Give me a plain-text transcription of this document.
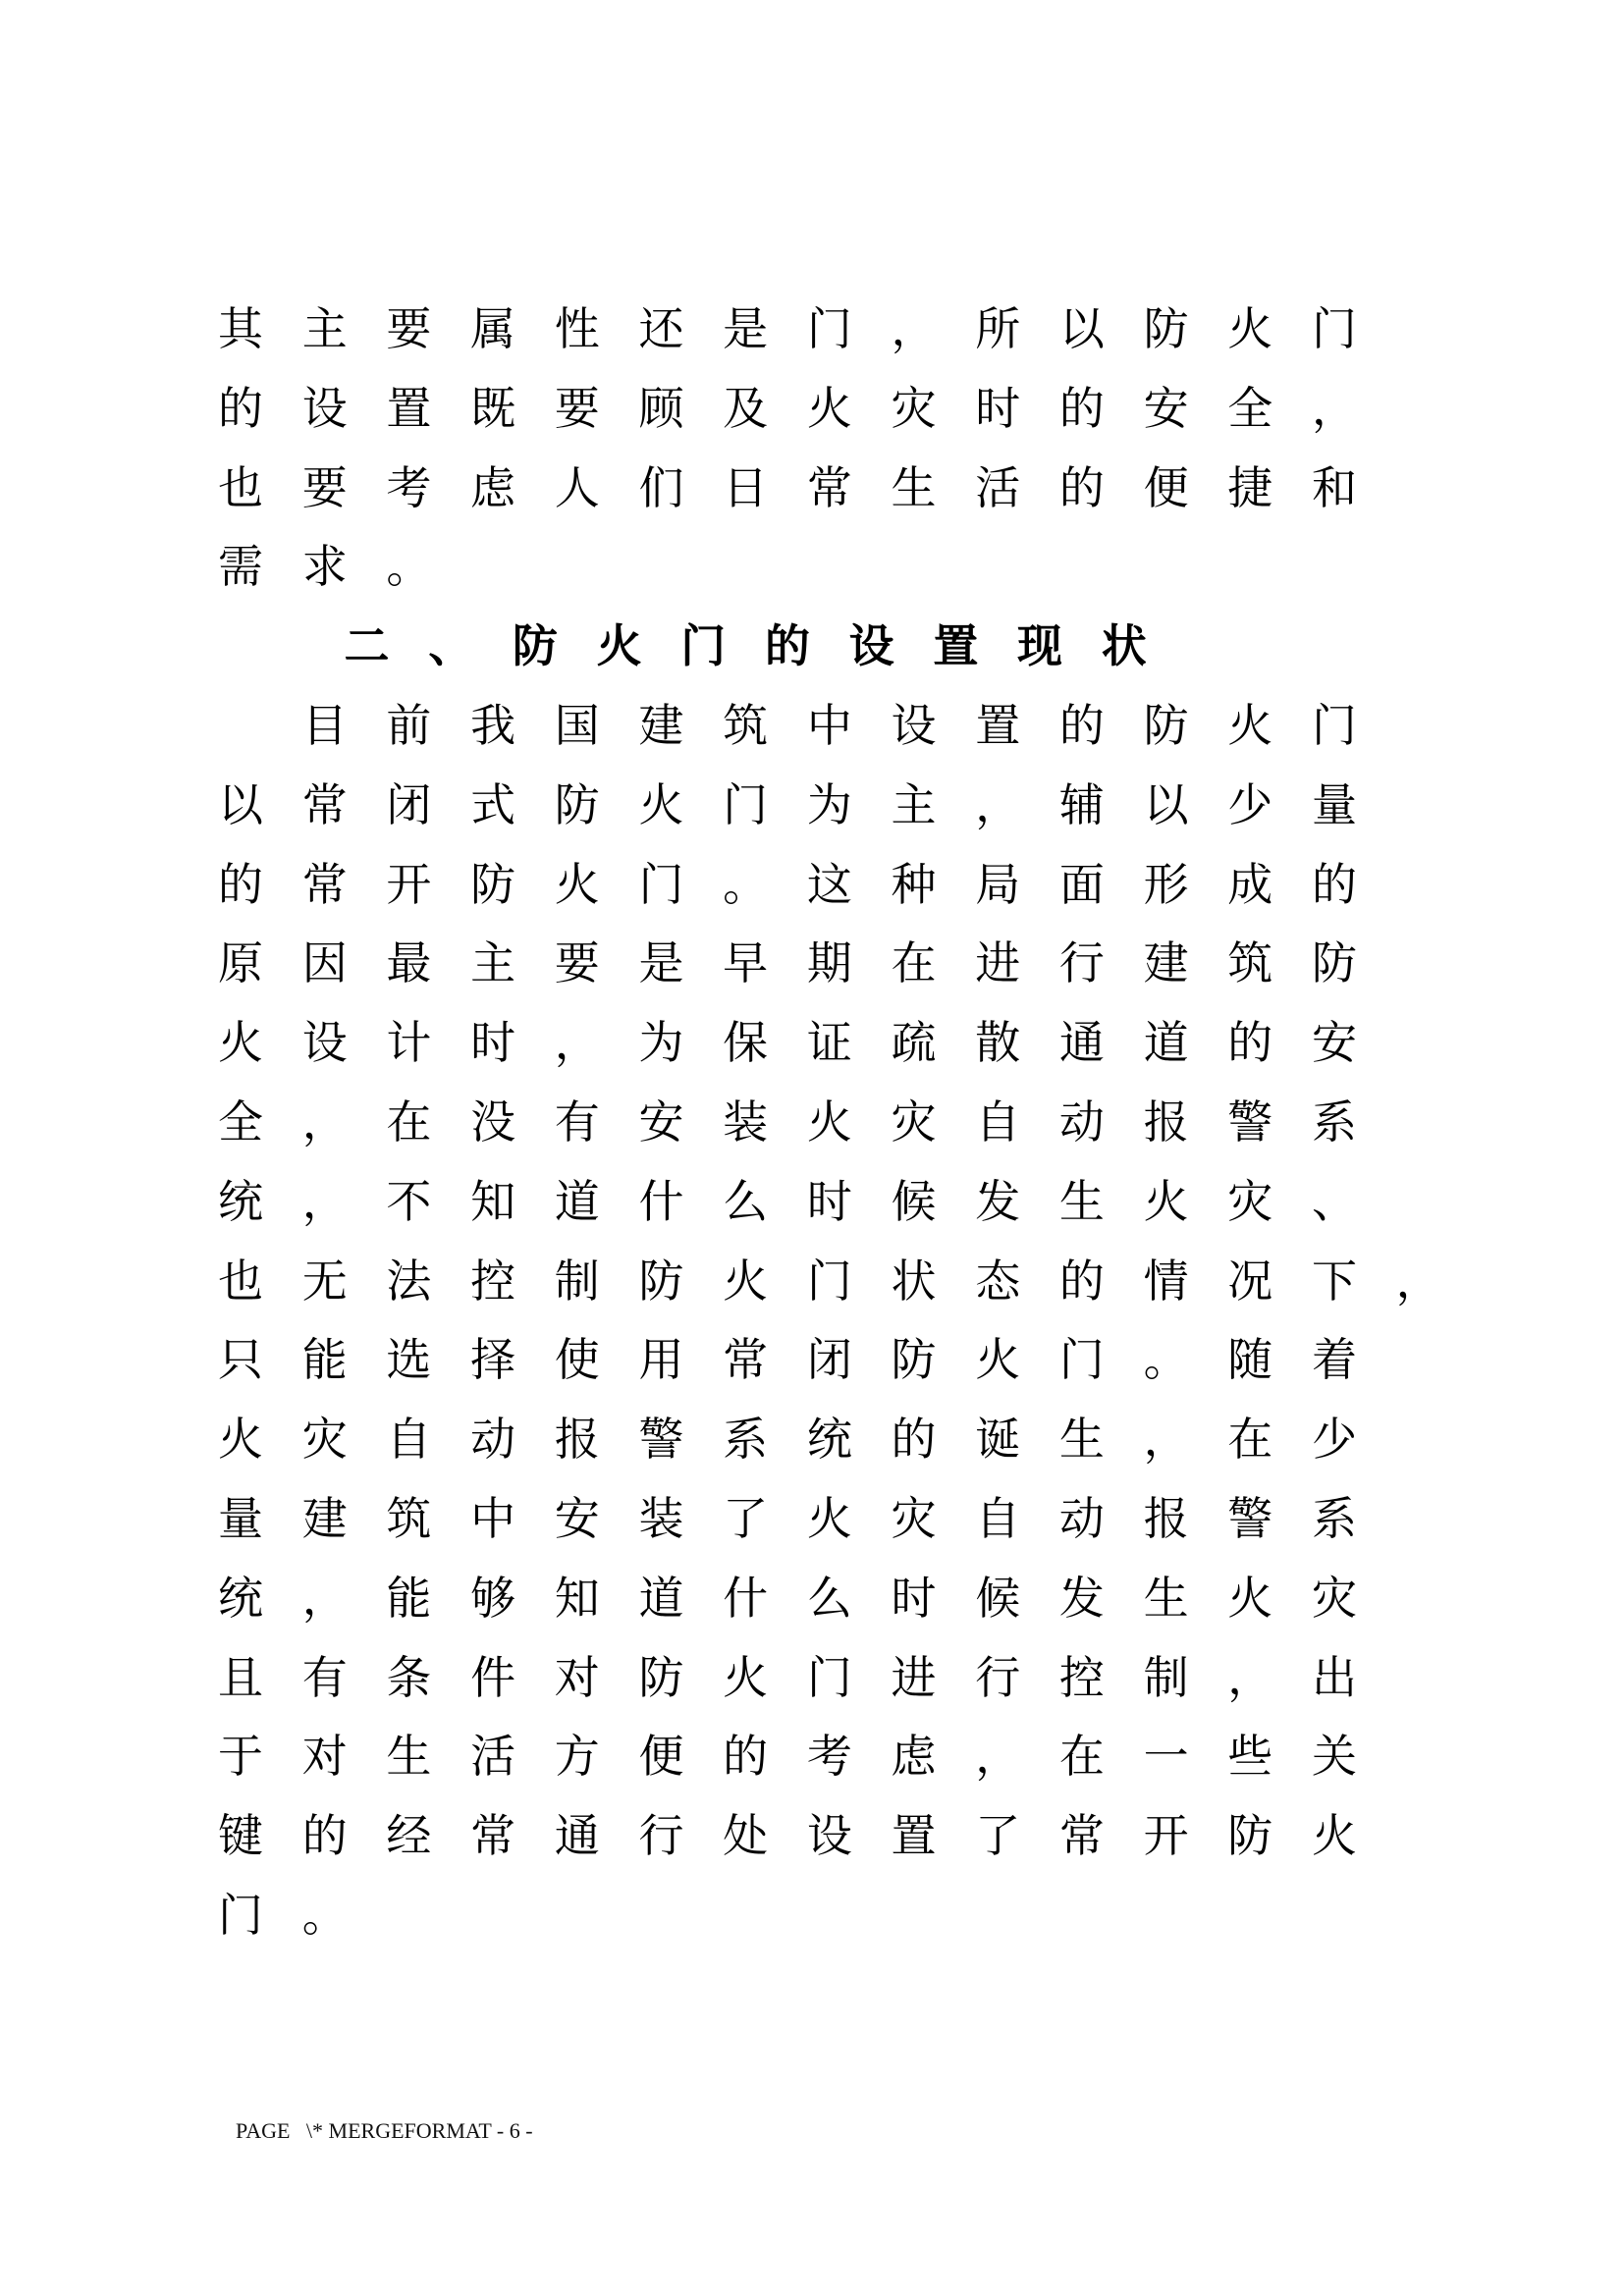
其 主 要 属 性 还 是 门 ， 所 以 防 火 门
的 设 置 既 要 顾 及 火 灾 时 的 安 全 ，
也 要 考 虑 人 们 日 常 生 活 的 便 捷 和
需 求 。
二 、 防 火 门 的 设 置 现 状
目 前 我 国 建 筑 中 设 置 的 防 火 门
以 常 闭 式 防 火 门 为 主 ， 辅 以 少 量
的 常 开 防 火 门 。 这 种 局 面 形 成 的
原 因 最 主 要 是 早 期 在 进 行 建 筑 防
火 设 计 时 ， 为 保 证 疏 散 通 道 的 安
全 ， 在 没 有 安 装 火 灾 自 动 报 警 系
统 ， 不 知 道 什 么 时 候 发 生 火 灾 、
也 无 法 控 制 防 火 门 状 态 的 情 况 下 ，
只 能 选 择 使 用 常 闭 防 火 门 。 随 着
火 灾 自 动 报 警 系 统 的 诞 生 ， 在 少
量 建 筑 中 安 装 了 火 灾 自 动 报 警 系
统 ， 能 够 知 道 什 么 时 候 发 生 火 灾
且 有 条 件 对 防 火 门 进 行 控 制 ， 出
于 对 生 活 方 便 的 考 虑 ， 在 一 些 关
键 的 经 常 通 行 处 设 置 了 常 开 防 火
门 。
PAGE   \* MERGEFORMAT - 6 -
